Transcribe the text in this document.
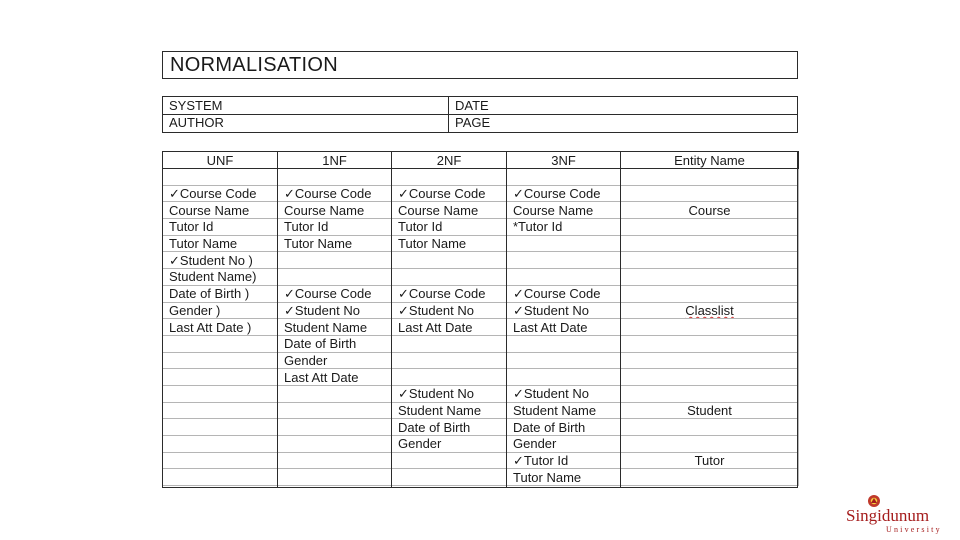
NORMALISATION
SYSTEM	DATE
AUTHOR	PAGE
UNF	1NF	2NF	3NF	Entity Name

✓Course Code	✓Course Code	✓Course Code	✓Course Code	
Course Name	Course Name	Course Name	Course Name	Course
Tutor Id	Tutor Id	Tutor Id	*Tutor Id	
Tutor Name	Tutor Name	Tutor Name		
✓Student No )				
Student Name)				
Date of Birth )	✓Course Code	✓Course Code	✓Course Code	
Gender )	✓Student No	✓Student No	✓Student No	Classlist
Last Att Date )	Student Name	Last Att Date	Last Att Date	
	Date of Birth			
	Gender			
	Last Att Date			
		✓Student No	✓Student No	
		Student Name	Student Name	Student
		Date of Birth	Date of Birth	
		Gender	Gender	
			✓Tutor Id	Tutor
			Tutor Name	
Singidunum
University
